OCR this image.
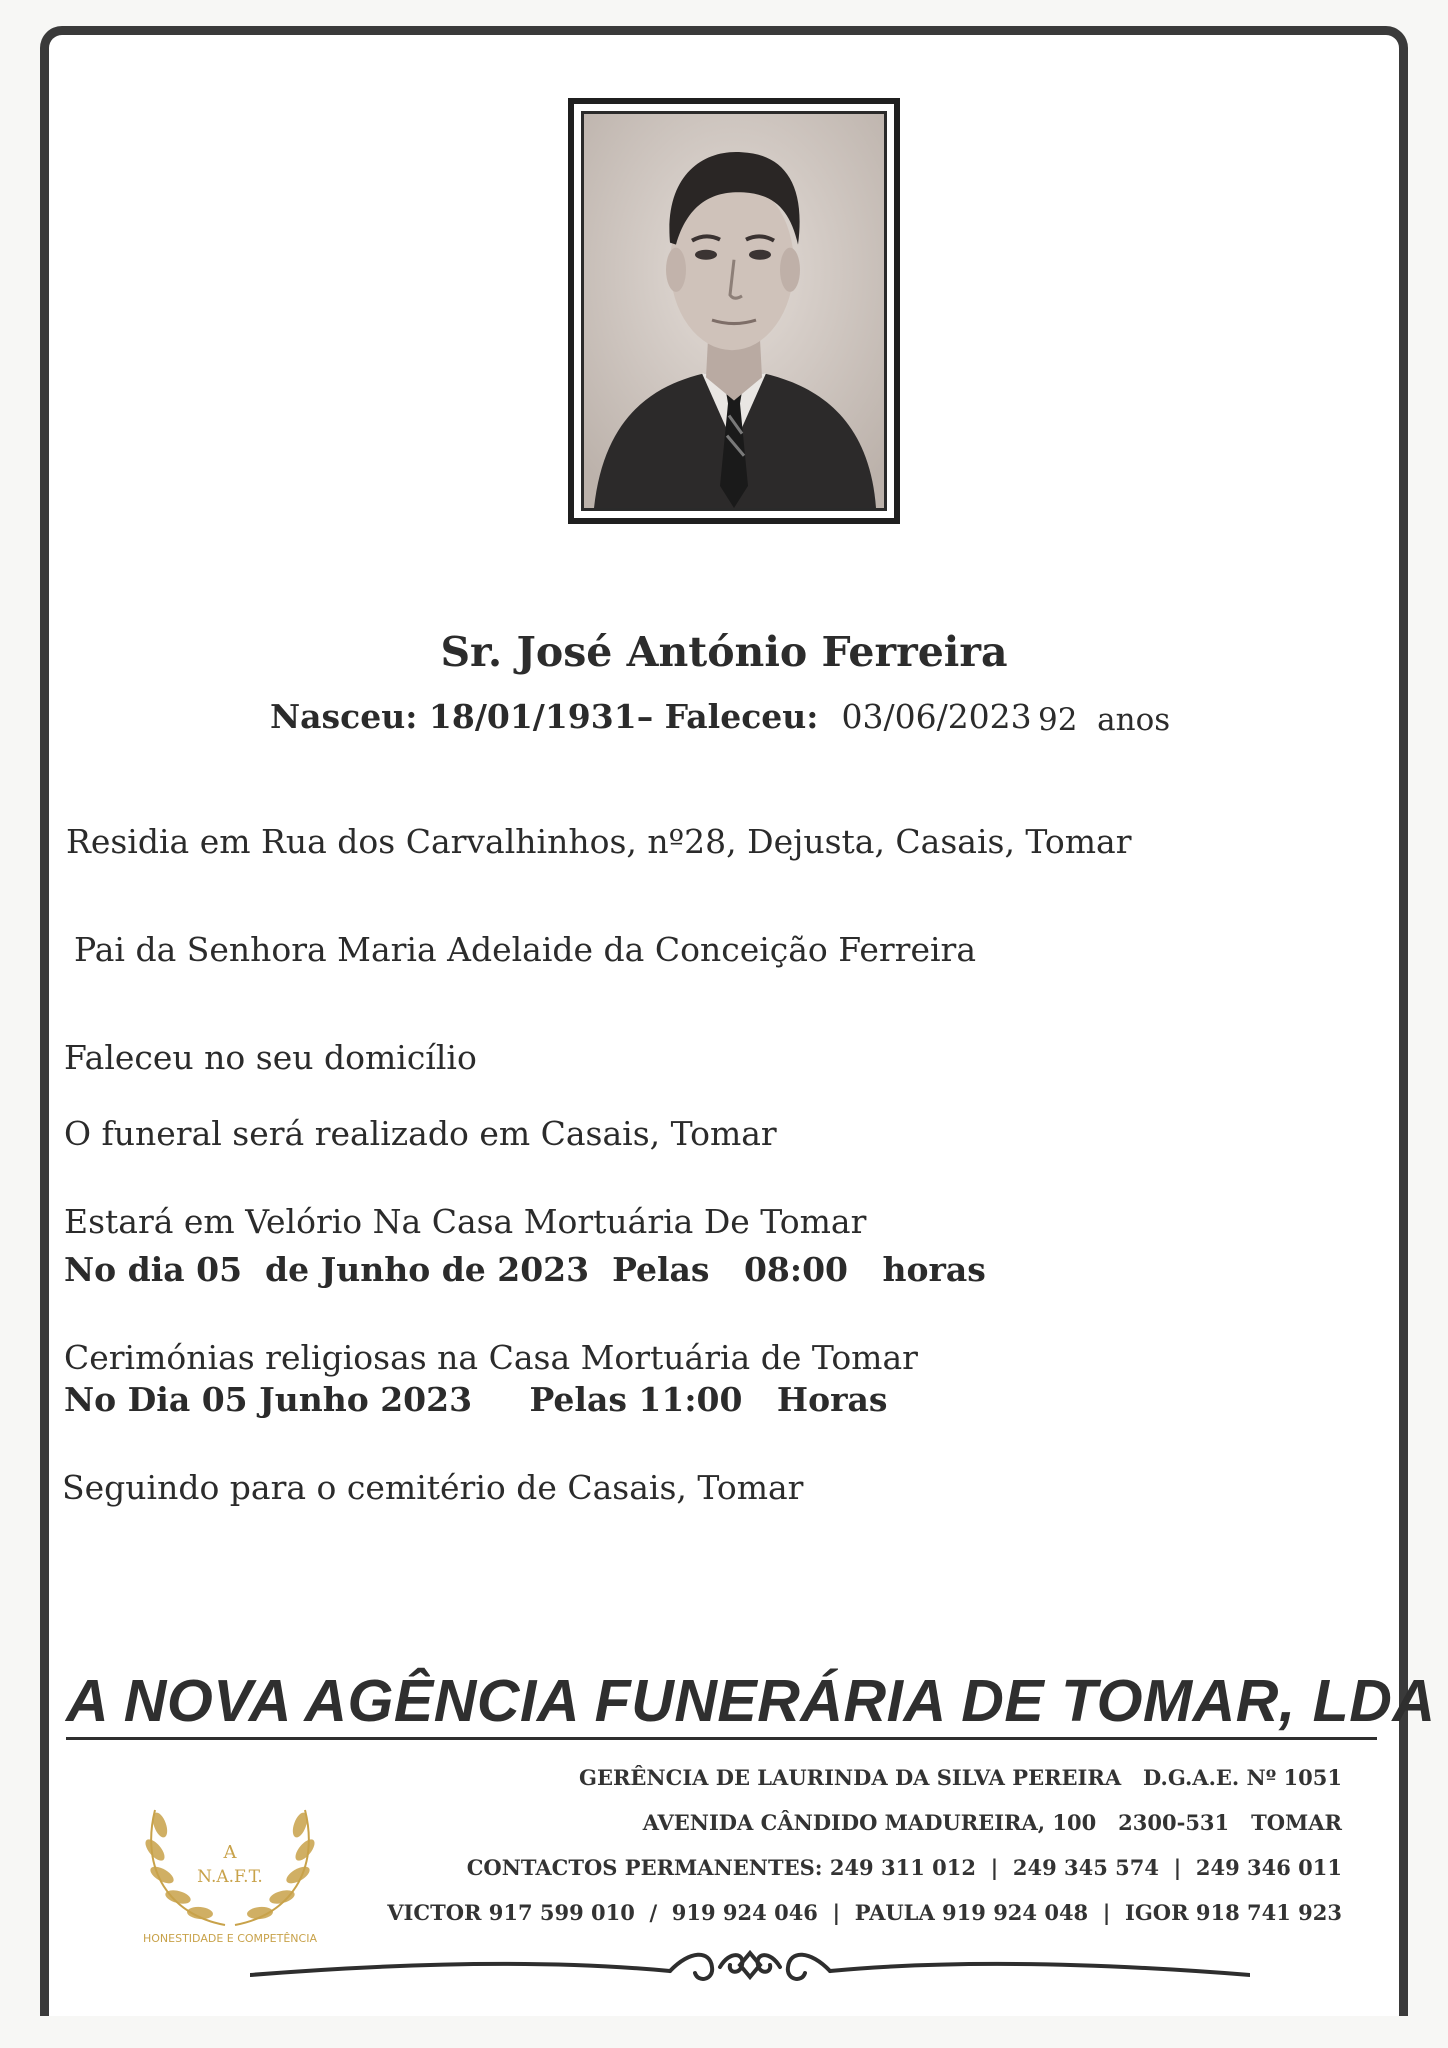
Sr. José António Ferreira
Nasceu: 18/01/1931– Faleceu: 03/06/2023 92  anos
Residia em Rua dos Carvalhinhos, nº28, Dejusta, Casais, Tomar
Pai da Senhora Maria Adelaide da Conceição Ferreira
Faleceu no seu domicílio
O funeral será realizado em Casais, Tomar
Estará em Velório Na Casa Mortuária De Tomar
No dia 05  de Junho de 2023  Pelas   08:00   horas
Cerimónias religiosas na Casa Mortuária de Tomar
No Dia 05 Junho 2023     Pelas 11:00   Horas
Seguindo para o cemitério de Casais, Tomar
A NOVA AGÊNCIA FUNERÁRIA DE TOMAR, LDA
GERÊNCIA DE LAURINDA DA SILVA PEREIRA   D.G.A.E. Nº 1051
AVENIDA CÂNDIDO MADUREIRA, 100   2300-531   TOMAR
CONTACTOS PERMANENTES: 249 311 012  |  249 345 574  |  249 346 011
VICTOR 917 599 010  /  919 924 046  |  PAULA 919 924 048  |  IGOR 918 741 923
A
N.A.F.T.
HONESTIDADE E COMPETÊNCIA
